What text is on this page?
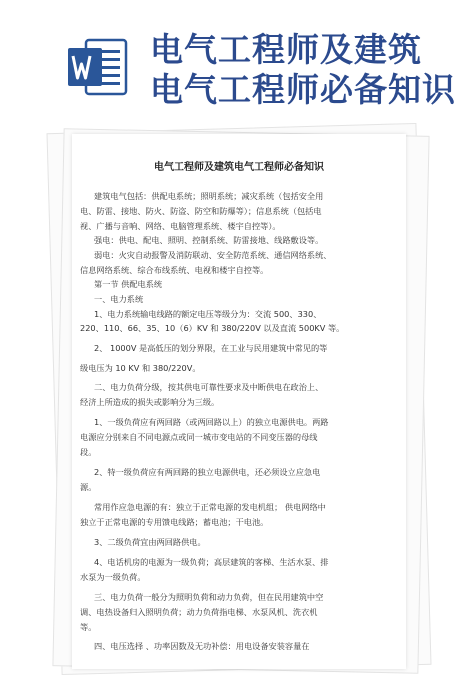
电气工程师及建筑
电气工程师必备知识
电气工程师及建筑电气工程师必备知识
建筑电气包括：供配电系统；照明系统；减灾系统（包括安全用
电、防雷、接地、防火、防盗、防空和防爆等）；信息系统（包括电
视、广播与音响、网络、电脑管理系统、楼宇自控等）。
强电：供电、配电、照明、控制系统、防雷接地、线路敷设等。
弱电：火灾自动报警及消防联动、安全防范系统、通信网络系统、
信息网络系统、综合布线系统、电视和楼宇自控等。
第一节 供配电系统
一、电力系统
1、电力系统输电线路的额定电压等级分为：交流 500、330、
220、110、66、35、10（6）KV 和 380/220V 以及直流 500KV 等。
2、 1000V 是高低压的划分界限，在工业与民用建筑中常见的等
级电压为 10 KV 和 380/220V。
二、电力负荷分级，按其供电可靠性要求及中断供电在政治上、
经济上所造成的损失或影响分为三级。
1、一级负荷应有两回路（或两回路以上）的独立电源供电。两路
电源应分别来自不同电源点或同一城市变电站的不同变压器的母线
段。
2、特一级负荷应有两回路的独立电源供电，还必须设立应急电
源。
常用作应急电源的有：独立于正常电源的发电机组； 供电网络中
独立于正常电源的专用馈电线路；蓄电池；干电池。
3、二级负荷宜由两回路供电。
4、电话机房的电源为一级负荷；高层建筑的客梯、生活水泵、排
水泵为一级负荷。
三、电力负荷一般分为照明负荷和动力负荷，但在民用建筑中空
调、电热设备归入照明负荷；动力负荷指电梯、水泵风机、洗衣机
等。
四、电压选择 、功率因数及无功补偿：用电设备安装容量在
